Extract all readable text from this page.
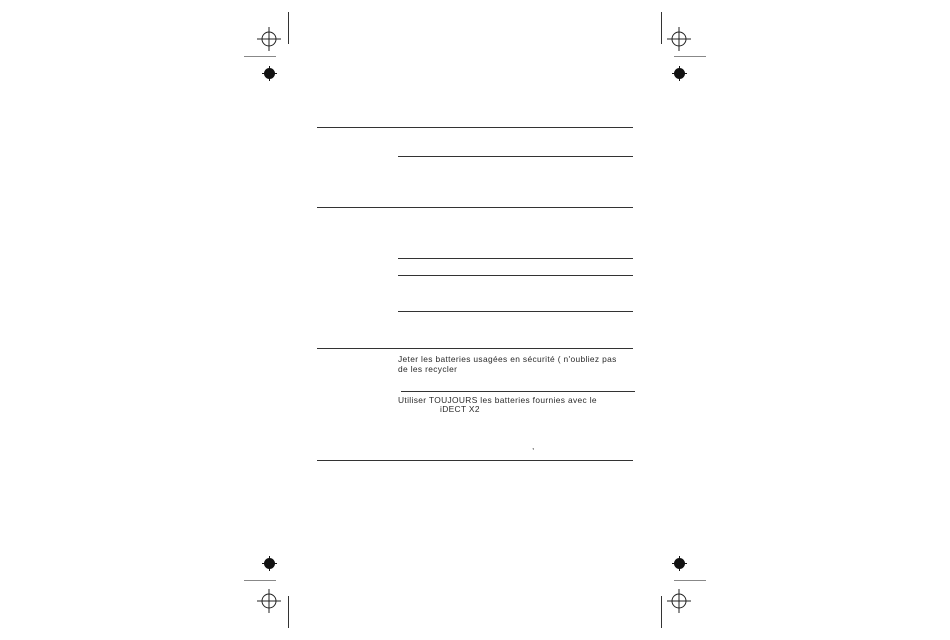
Jeter les batteries usagées en sécurité ( n'oubliez pas
de les recycler
Utiliser TOUJOURS les batteries fournies avec le
iDECT X2
,
